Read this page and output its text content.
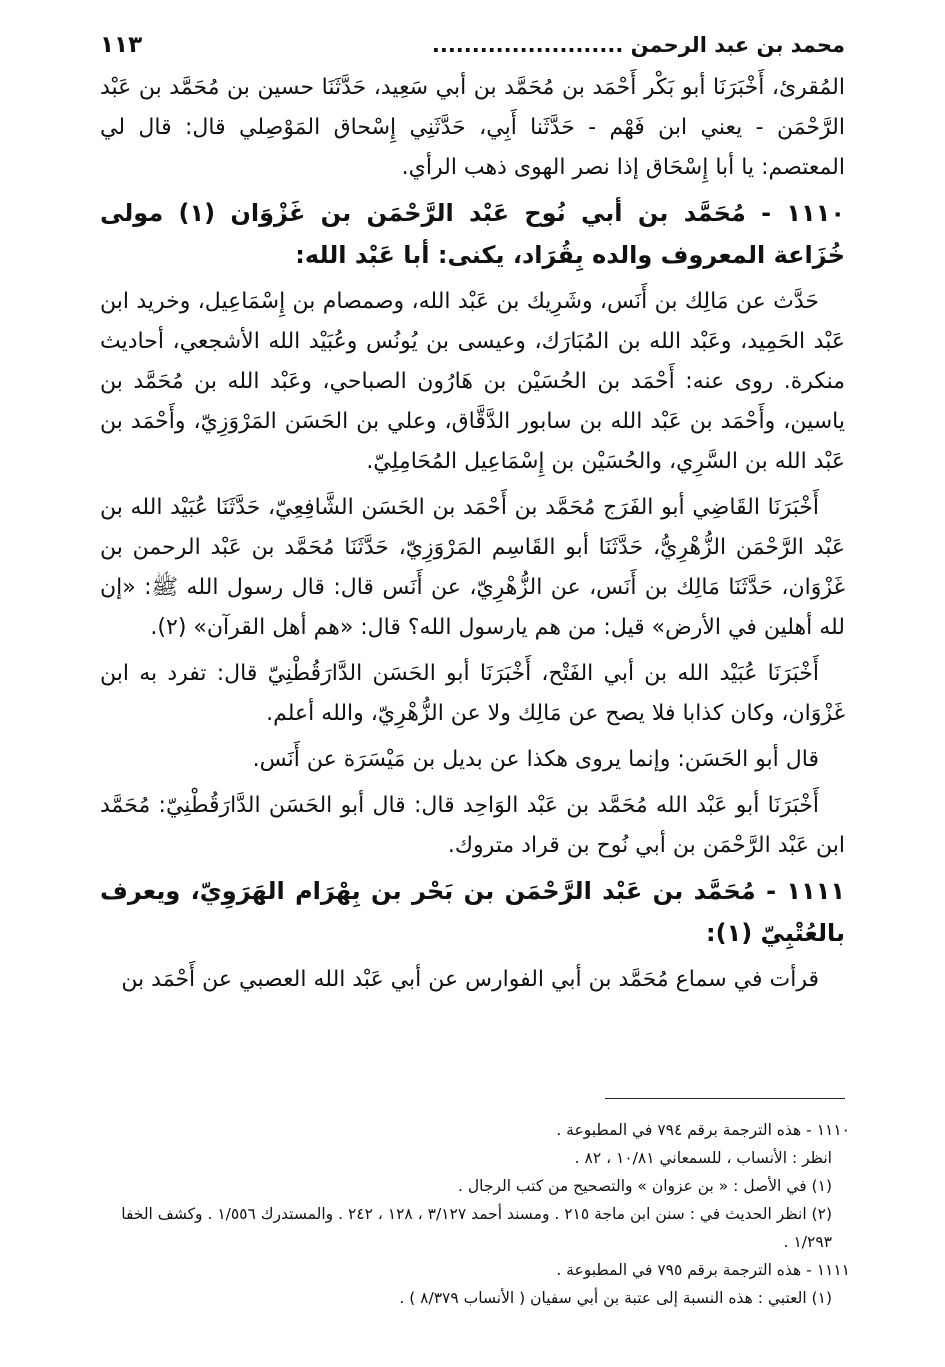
محمد بن عبد الرحمن ........................
١١٣

المُقرئ، أَخْبَرَنَا أبو بَكْر أَحْمَد بن مُحَمَّد بن أبي سَعِيد، حَدَّثَنَا حسين بن مُحَمَّد بن عَبْد الرَّحْمَن - يعني ابن فَهْم - حَدَّثَنا أَبِي، حَدَّثَنِي إِسْحاق المَوْصِلي قال: قال لي المعتصم: يا أبا إِسْحَاق إذا نصر الهوى ذهب الرأي.

١١١٠ - مُحَمَّد بن أبي نُوح عَبْد الرَّحْمَن بن غَزْوَان (١) مولى خُزَاعة المعروف والده بِقُرَاد، يكنى: أبا عَبْد الله:

حَدَّث عن مَالِك بن أَنَس، وشَرِيك بن عَبْد الله، وصمصام بن إِسْمَاعِيل، وخريد ابن عَبْد الحَمِيد، وعَبْد الله بن المُبَارَك، وعيسى بن يُونُس وعُبَيْد الله الأشجعي، أحاديث منكرة. روى عنه: أَحْمَد بن الحُسَيْن بن هَارُون الصباحي، وعَبْد الله بن مُحَمَّد بن ياسين، وأَحْمَد بن عَبْد الله بن سابور الدَّقَّاق، وعلي بن الحَسَن المَرْوَزِيّ، وأَحْمَد بن عَبْد الله بن السَّرِي، والحُسَيْن بن إِسْمَاعِيل المُحَامِلِيّ.

أَخْبَرَنَا القَاضِي أبو الفَرَج مُحَمَّد بن أَحْمَد بن الحَسَن الشَّافِعِيّ، حَدَّثَنَا عُبَيْد الله بن عَبْد الرَّحْمَن الزُّهْرِيُّ، حَدَّثَنَا أبو القَاسِم المَرْوَزِيّ، حَدَّثَنَا مُحَمَّد بن عَبْد الرحمن بن غَزْوَان، حَدَّثَنَا مَالِك بن أَنَس، عن الزُّهْرِيّ، عن أَنَس قال: قال رسول الله ﷺ: «إن لله أهلين في الأرض» قيل: من هم يارسول الله؟ قال: «هم أهل القرآن» (٢).

أَخْبَرَنَا عُبَيْد الله بن أبي الفَتْح، أَخْبَرَنَا أبو الحَسَن الدَّارَقُطْنِيّ قال: تفرد به ابن غَزْوَان، وكان كذابا فلا يصح عن مَالِك ولا عن الزُّهْرِيّ، والله أعلم.

قال أبو الحَسَن: وإنما يروى هكذا عن بديل بن مَيْسَرَة عن أَنَس.

أَخْبَرَنَا أبو عَبْد الله مُحَمَّد بن عَبْد الوَاحِد قال: قال أبو الحَسَن الدَّارَقُطْنِيّ: مُحَمَّد ابن عَبْد الرَّحْمَن بن أبي نُوح بن قراد متروك.

١١١١ - مُحَمَّد بن عَبْد الرَّحْمَن بن بَحْر بن بِهْرَام الهَرَوِيّ، ويعرف بالعُتْبِيّ (١):

قرأت في سماع مُحَمَّد بن أبي الفوارس عن أبي عَبْد الله العصبي عن أَحْمَد بن

١١١٠ - هذه الترجمة برقم ٧٩٤ في المطبوعة .

انظر : الأنساب ، للسمعاني ١٠/٨١ ، ٨٢ .

(١) في الأصل : « بن عزوان » والتصحيح من كتب الرجال .

(٢) انظر الحديث في : سنن ابن ماجة ٢١٥ . ومسند أحمد ٣/١٢٧ ، ١٢٨ ، ٢٤٢ . والمستدرك ١/٥٥٦ . وكشف الخفا ١/٢٩٣ .

١١١١ - هذه الترجمة برقم ٧٩٥ في المطبوعة .

(١) العتبي : هذه النسبة إلى عتبة بن أبي سفيان ( الأنساب ٨/٣٧٩ ) .
